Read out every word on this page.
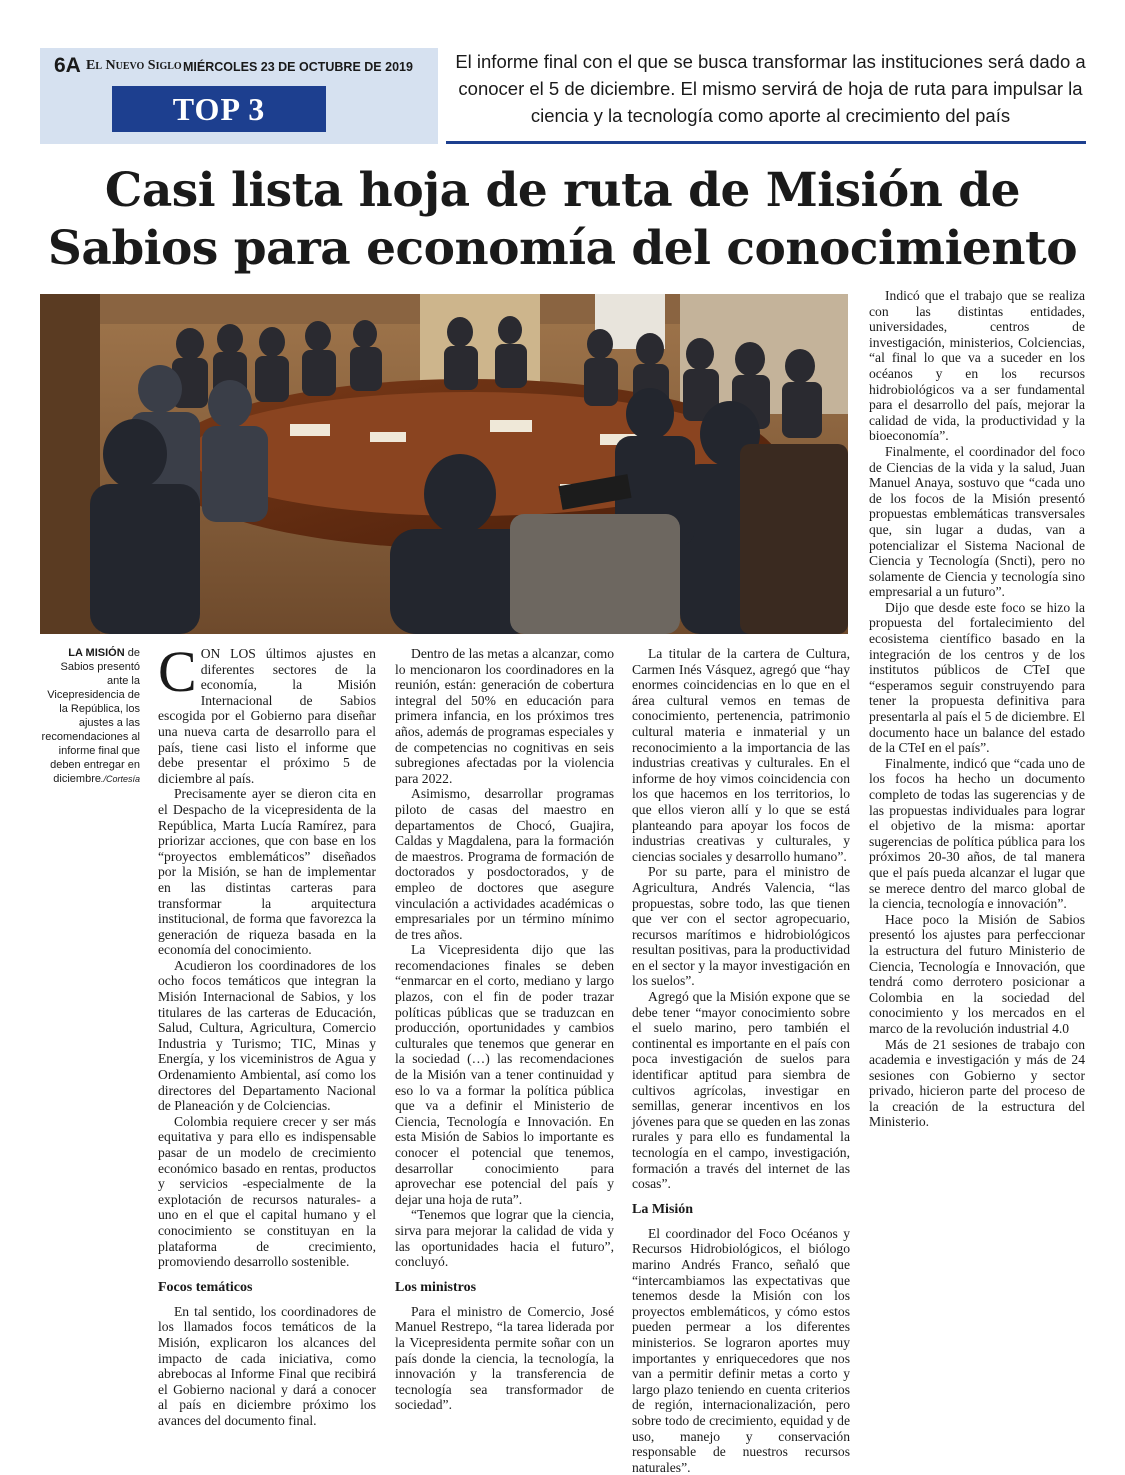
6A El Nuevo Siglo MIÉRCOLES 23 DE OCTUBRE DE 2019
TOP 3

El informe final con el que se busca transformar las instituciones será dado a conocer el 5 de diciembre. El mismo servirá de hoja de ruta para impulsar la ciencia y la tecnología como aporte al crecimiento del país

Casi lista hoja de ruta de Misión de Sabios para economía del conocimiento
LA MISIÓN de Sabios presentó ante la Vicepresidencia de la República, los ajustes a las recomendaciones al informe final que deben entregar en diciembre./Cortesía

CON LOS últimos ajustes en diferentes sectores de la economía, la Misión Internacional de Sabios escogida por el Gobierno para diseñar una nueva carta de desarrollo para el país, tiene casi listo el informe que debe presentar el próximo 5 de diciembre al país.

Precisamente ayer se dieron cita en el Despacho de la vicepresidenta de la República, Marta Lucía Ramírez, para priorizar acciones, que con base en los “proyectos emblemáticos” diseñados por la Misión, se han de implementar en las distintas carteras para transformar la arquitectura institucional, de forma que favorezca la generación de riqueza basada en la economía del conocimiento.

Acudieron los coordinadores de los ocho focos temáticos que integran la Misión Internacional de Sabios, y los titulares de las carteras de Educación, Salud, Cultura, Agricultura, Comercio Industria y Turismo; TIC, Minas y Energía, y los viceministros de Agua y Ordenamiento Ambiental, así como los directores del Departamento Nacional de Planeación y de Colciencias.

Colombia requiere crecer y ser más equitativa y para ello es indispensable pasar de un modelo de crecimiento económico basado en rentas, productos y servicios -especialmente de la explotación de recursos naturales- a uno en el que el capital humano y el conocimiento se constituyan en la plataforma de crecimiento, promoviendo desarrollo sostenible.

Focos temáticos

En tal sentido, los coordinadores de los llamados focos temáticos de la Misión, explicaron los alcances del impacto de cada iniciativa, como abrebocas al Informe Final que recibirá el Gobierno nacional y dará a conocer al país en diciembre próximo los avances del documento final.

Dentro de las metas a alcanzar, como lo mencionaron los coordinadores en la reunión, están: generación de cobertura integral del 50% en educación para primera infancia, en los próximos tres años, además de programas especiales y de competencias no cognitivas en seis subregiones afectadas por la violencia para 2022.

Asimismo, desarrollar programas piloto de casas del maestro en departamentos de Chocó, Guajira, Caldas y Magdalena, para la formación de maestros. Programa de formación de doctorados y posdoctorados, y de empleo de doctores que asegure vinculación a actividades académicas o empresariales por un término mínimo de tres años.

La Vicepresidenta dijo que las recomendaciones finales se deben “enmarcar en el corto, mediano y largo plazos, con el fin de poder trazar políticas públicas que se traduzcan en producción, oportunidades y cambios culturales que tenemos que generar en la sociedad (…) las recomendaciones de la Misión van a tener continuidad y eso lo va a formar la política pública que va a definir el Ministerio de Ciencia, Tecnología e Innovación. En esta Misión de Sabios lo importante es conocer el potencial que tenemos, desarrollar conocimiento para aprovechar ese potencial del país y dejar una hoja de ruta”.

“Tenemos que lograr que la ciencia, sirva para mejorar la calidad de vida y las oportunidades hacia el futuro”, concluyó.

Los ministros

Para el ministro de Comercio, José Manuel Restrepo, “la tarea liderada por la Vicepresidenta permite soñar con un país donde la ciencia, la tecnología, la innovación y la transferencia de tecnología sea transformador de sociedad”.

La titular de la cartera de Cultura, Carmen Inés Vásquez, agregó que “hay enormes coincidencias en lo que en el área cultural vemos en temas de conocimiento, pertenencia, patrimonio cultural materia e inmaterial y un reconocimiento a la importancia de las industrias creativas y culturales. En el informe de hoy vimos coincidencia con los que hacemos en los territorios, lo que ellos vieron allí y lo que se está planteando para apoyar los focos de industrias creativas y culturales, y ciencias sociales y desarrollo humano”.

Por su parte, para el ministro de Agricultura, Andrés Valencia, “las propuestas, sobre todo, las que tienen que ver con el sector agropecuario, recursos marítimos e hidrobiológicos resultan positivas, para la productividad en el sector y la mayor investigación en los suelos”.

Agregó que la Misión expone que se debe tener “mayor conocimiento sobre el suelo marino, pero también el continental es importante en el país con poca investigación de suelos para identificar aptitud para siembra de cultivos agrícolas, investigar en semillas, generar incentivos en los jóvenes para que se queden en las zonas rurales y para ello es fundamental la tecnología en el campo, investigación, formación a través del internet de las cosas”.

La Misión

El coordinador del Foco Océanos y Recursos Hidrobiológicos, el biólogo marino Andrés Franco, señaló que “intercambiamos las expectativas que tenemos desde la Misión con los proyectos emblemáticos, y cómo estos pueden permear a los diferentes ministerios. Se lograron aportes muy importantes y enriquecedores que nos van a permitir definir metas a corto y largo plazo teniendo en cuenta criterios de región, internacionalización, pero sobre todo de crecimiento, equidad y de uso, manejo y conservación responsable de nuestros recursos naturales”.

Indicó que el trabajo que se realiza con las distintas entidades, universidades, centros de investigación, ministerios, Colciencias, “al final lo que va a suceder en los océanos y en los recursos hidrobiológicos va a ser fundamental para el desarrollo del país, mejorar la calidad de vida, la productividad y la bioeconomía”.

Finalmente, el coordinador del foco de Ciencias de la vida y la salud, Juan Manuel Anaya, sostuvo que “cada uno de los focos de la Misión presentó propuestas emblemáticas transversales que, sin lugar a dudas, van a potencializar el Sistema Nacional de Ciencia y Tecnología (Sncti), pero no solamente de Ciencia y tecnología sino empresarial a un futuro”.

Dijo que desde este foco se hizo la propuesta del fortalecimiento del ecosistema científico basado en la integración de los centros y de los institutos públicos de CTeI que “esperamos seguir construyendo para tener la propuesta definitiva para presentarla al país el 5 de diciembre. El documento hace un balance del estado de la CTeI en el país”.

Finalmente, indicó que “cada uno de los focos ha hecho un documento completo de todas las sugerencias y de las propuestas individuales para lograr el objetivo de la misma: aportar sugerencias de política pública para los próximos 20-30 años, de tal manera que el país pueda alcanzar el lugar que se merece dentro del marco global de la ciencia, tecnología e innovación”.

Hace poco la Misión de Sabios presentó los ajustes para perfeccionar la estructura del futuro Ministerio de Ciencia, Tecnología e Innovación, que tendrá como derrotero posicionar a Colombia en la sociedad del conocimiento y los mercados en el marco de la revolución industrial 4.0

Más de 21 sesiones de trabajo con academia e investigación y más de 24 sesiones con Gobierno y sector privado, hicieron parte del proceso de la creación de la estructura del Ministerio.
